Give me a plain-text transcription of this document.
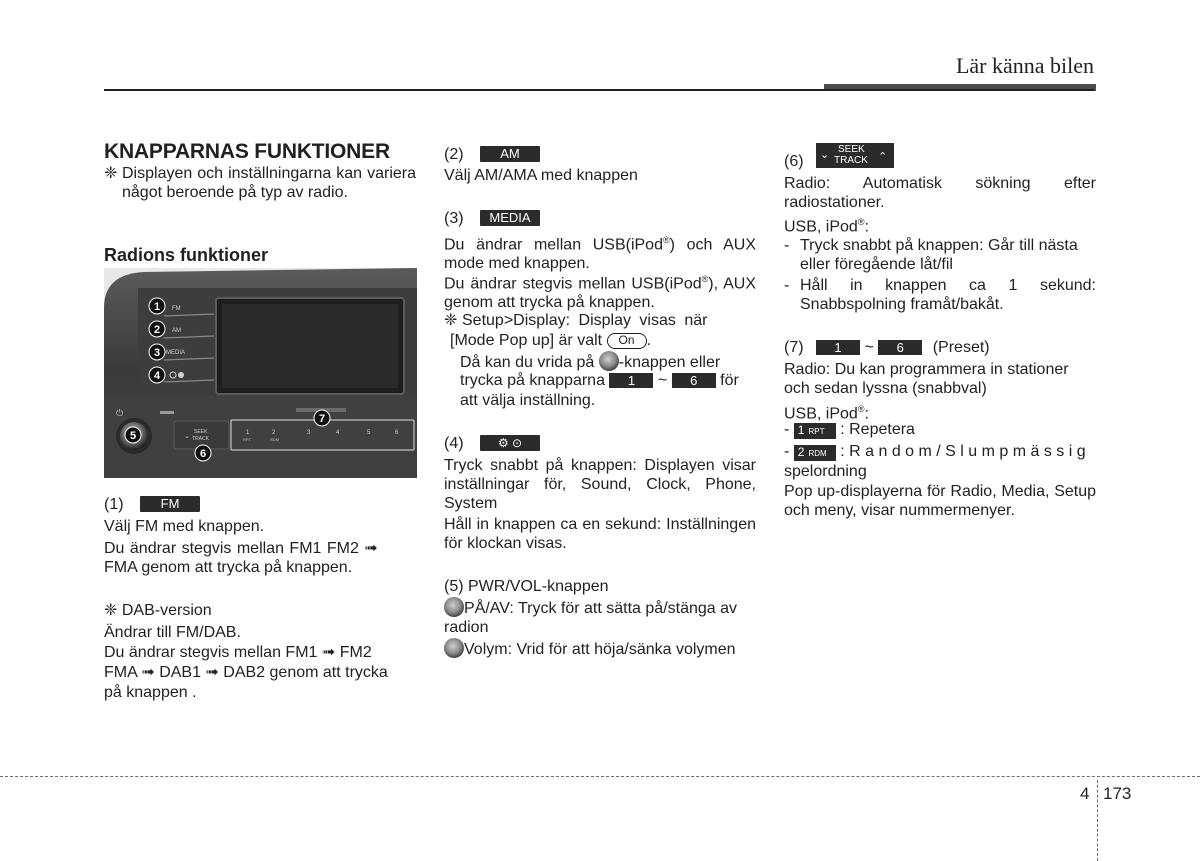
Lär känna bilen
KNAPPARNAS FUNKTIONER
❈ Displayen och inställningarna kan variera något beroende på typ av radio.
Radions funktioner
FM
AM
MEDIA
⏻
⌄
SEEK
TRACK
1	2	3	4	5	6
RPT	RDM
1
2
3
4
5
6
7
(1)	FM
Välj FM med knappen.
Du ändrar stegvis mellan FM1 FM2 ➟
FMA genom att trycka på knappen.
❈ DAB-version
Ändrar till FM/DAB.
Du ändrar stegvis mellan FM1 ➟ FM2
FMA ➟ DAB1 ➟ DAB2 genom att trycka
på knappen .
(2)	AM
Välj AM/AMA med knappen
(3) MEDIA
Du ändrar mellan USB(iPod®) och AUX mode med knappen.
Du ändrar stegvis mellan USB(iPod®), AUX genom att trycka på knappen.
❈ Setup>Display: Display visas när
[Mode Pop up] är valt On .
Då kan du vrida på -knappen eller
trycka på knapparna 1 ~ 6 för
att välja inställning.
(4)	⚙ ⊙
Tryck snabbt på knappen: Displayen visar inställningar för, Sound, Clock, Phone, System
Håll in knappen ca en sekund: Inställningen för klockan visas.
(5) PWR/VOL-knappen
PÅ/AV: Tryck för att sätta på/stänga av radion
Volym: Vrid för att höja/sänka volymen
(6) ⌄ SEEK
TRACK ⌃
Radio: Automatisk sökning efter radiostationer.
USB, iPod®:
- Tryck snabbt på knappen: Går till nästa eller föregående låt/fil
- Håll in knappen ca 1 sekund: Snabbspolning framåt/bakåt.
(7) 1 ~ 6 (Preset)
Radio: Du kan programmera in stationer och sedan lyssna (snabbval)
USB, iPod®:
- 1 RPT : Repetera
- 2 RDM : R a n d o m / S l u m p m ä s s i g
spelordning
Pop up-displayerna för Radio, Media, Setup och meny, visar nummermenyer.
4 173
